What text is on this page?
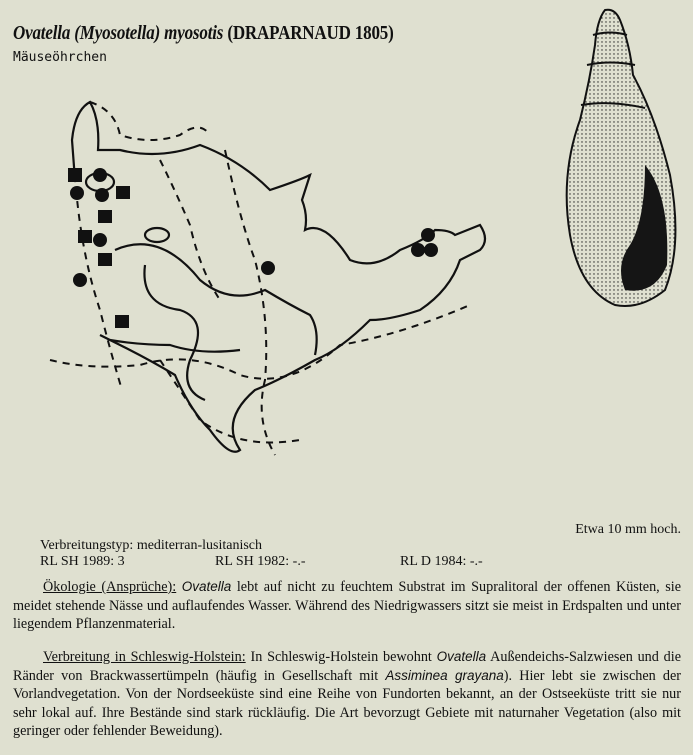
Ovatella (Myosotella) myosotis (DRAPARNAUD 1805)
Mäuseöhrchen
Etwa 10 mm hoch.
Verbreitungstyp: mediterran-lusitanisch
RL SH 1989: 3	RL SH 1982: -.-	RL D 1984: -.-
Ökologie (Ansprüche): Ovatella lebt auf nicht zu feuchtem Substrat im Supralitoral der offenen Küsten, sie meidet stehende Nässe und auflaufendes Wasser. Während des Niedrigwassers sitzt sie meist in Erdspalten und unter liegendem Pflanzenmaterial.
Verbreitung in Schleswig-Holstein: In Schleswig-Holstein bewohnt Ovatella Außendeichs-Salzwiesen und die Ränder von Brackwassertümpeln (häufig in Gesellschaft mit Assiminea grayana). Hier lebt sie zwischen der Vorlandvegetation. Von der Nordseeküste sind eine Reihe von Fundorten bekannt, an der Ostseeküste tritt sie nur sehr lokal auf. Ihre Bestände sind stark rückläufig. Die Art bevorzugt Gebiete mit naturnaher Vegetation (also mit geringer oder fehlender Beweidung).
